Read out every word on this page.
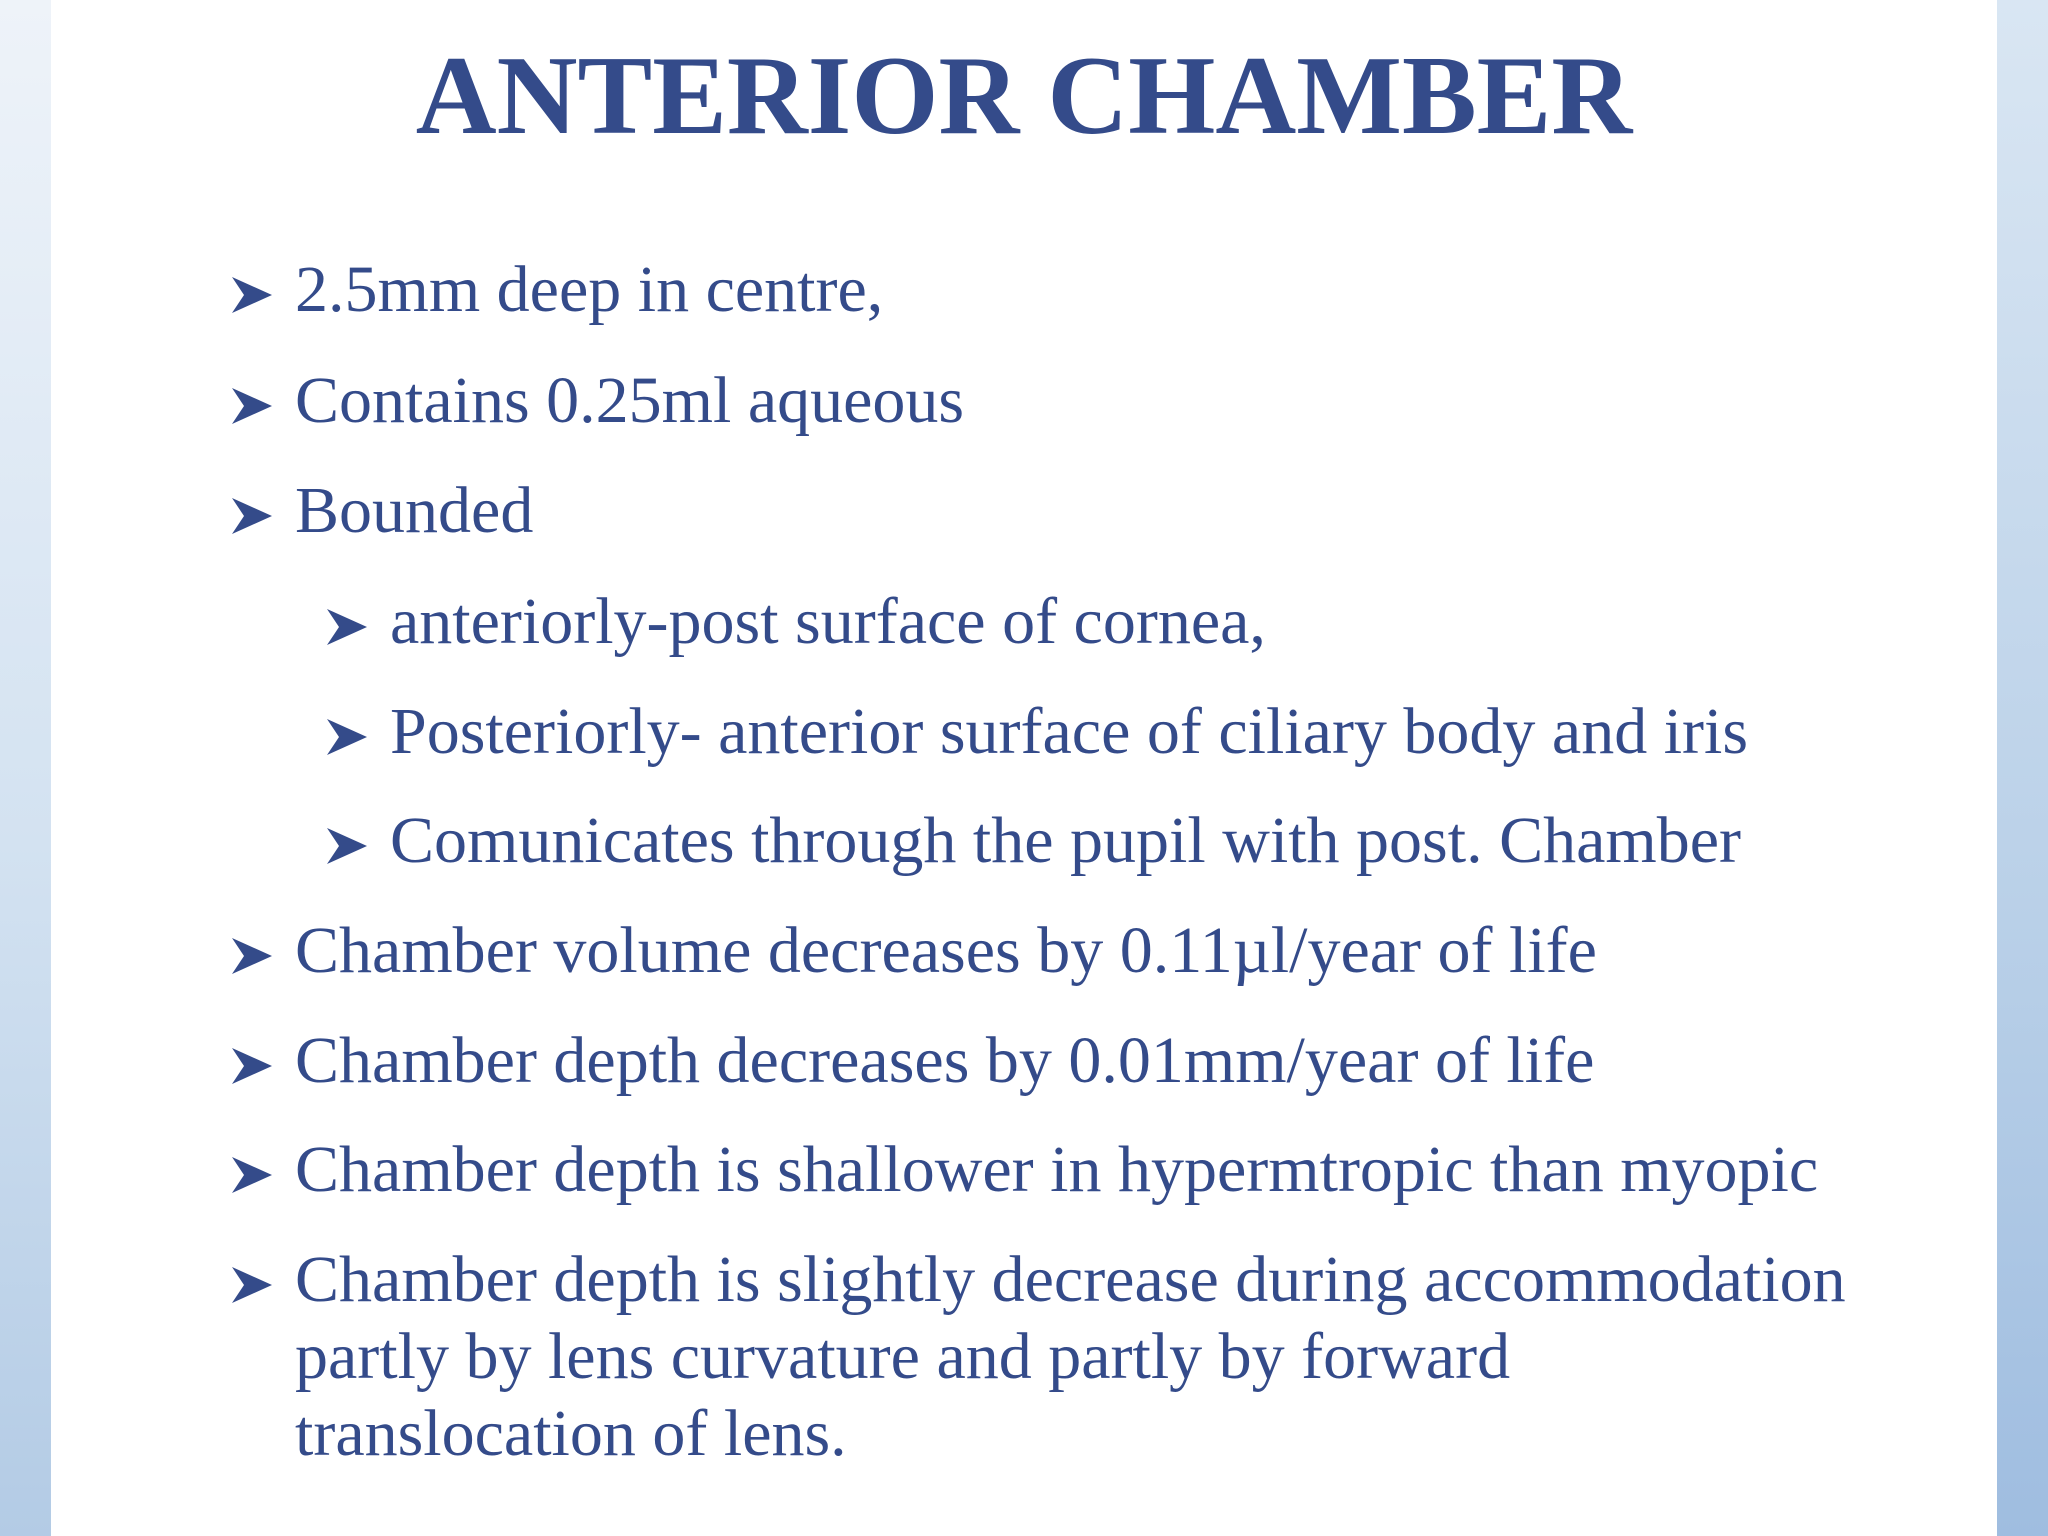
ANTERIOR CHAMBER
2.5mm deep in centre,
Contains 0.25ml aqueous
Bounded
anteriorly-post surface of cornea,
Posteriorly- anterior surface of ciliary body and iris
Comunicates through the pupil with post. Chamber
Chamber volume decreases by 0.11µl/year of life
Chamber depth decreases by 0.01mm/year of life
Chamber depth is shallower in hypermtropic than myopic
Chamber depth is slightly decrease during accommodation
partly by lens curvature and partly by forward
translocation of lens.
